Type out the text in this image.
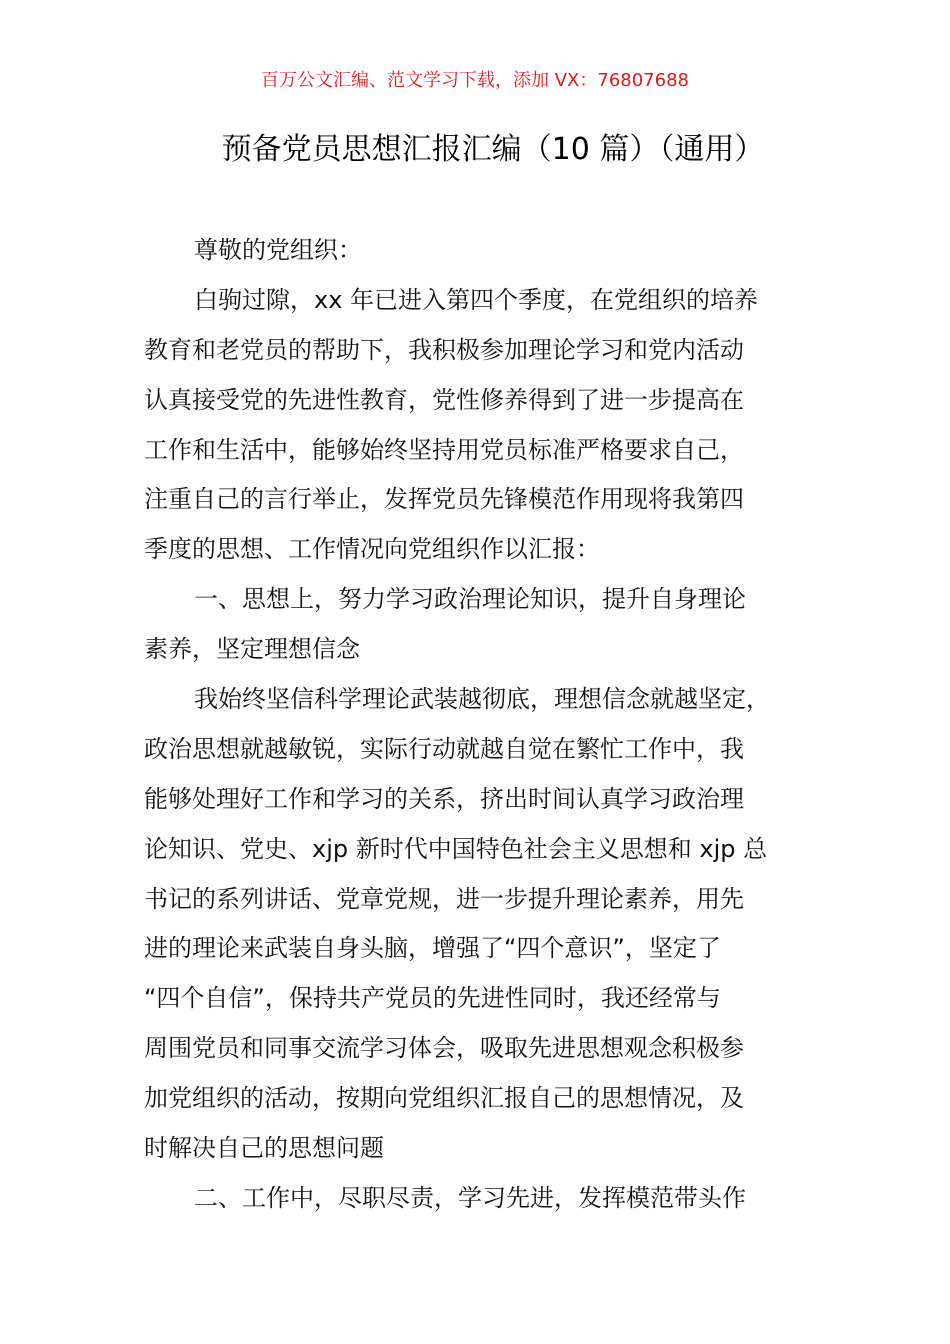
百万公文汇编、范文学习下载，添加 VX：76807688
预备党员思想汇报汇编（10 篇）（通用）
尊敬的党组织：
白驹过隙，xx 年已进入第四个季度，在党组织的培养
教育和老党员的帮助下，我积极参加理论学习和党内活动
认真接受党的先进性教育，党性修养得到了进一步提高在
工作和生活中，能够始终坚持用党员标准严格要求自己，
注重自己的言行举止，发挥党员先锋模范作用现将我第四
季度的思想、工作情况向党组织作以汇报：
一、思想上，努力学习政治理论知识，提升自身理论
素养，坚定理想信念
我始终坚信科学理论武装越彻底，理想信念就越坚定，
政治思想就越敏锐，实际行动就越自觉在繁忙工作中，我
能够处理好工作和学习的关系，挤出时间认真学习政治理
论知识、党史、xjp 新时代中国特色社会主义思想和 xjp 总
书记的系列讲话、党章党规，进一步提升理论素养，用先
进的理论来武装自身头脑，增强了“四个意识”，坚定了
“四个自信”，保持共产党员的先进性同时，我还经常与
周围党员和同事交流学习体会，吸取先进思想观念积极参
加党组织的活动，按期向党组织汇报自己的思想情况，及
时解决自己的思想问题
二、工作中，尽职尽责，学习先进，发挥模范带头作
